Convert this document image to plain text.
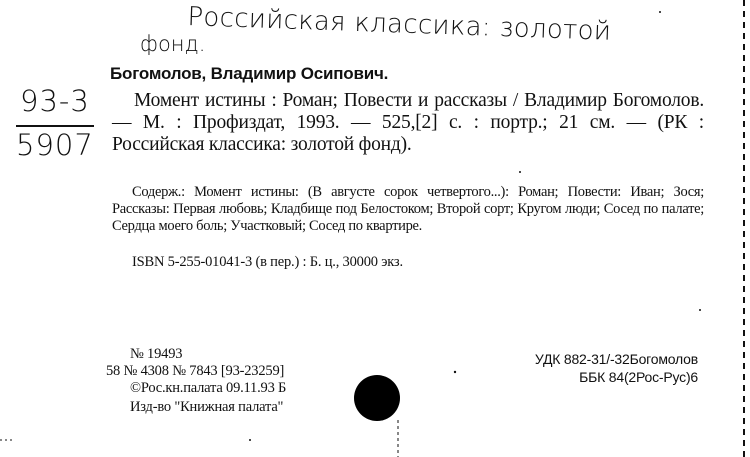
Российская классика: золотой
фонд.
93-3
5907
Богомолов, Владимир Осипович.
Момент истины : Роман; Повести и рассказы / Владимир Богомолов. — М. : Профиздат, 1993. — 525,[2] с. : портр.; 21 см. — (РК : Российская классика: золотой фонд).
Содерж.: Момент истины: (В августе сорок четвертого...): Роман; Повести: Иван; Зося; Рассказы: Первая любовь; Кладбище под Белостоком; Второй сорт; Кругом люди; Сосед по палате; Сердца моего боль; Участковый; Сосед по квартире.
ISBN 5-255-01041-3 (в пер.) : Б. ц., 30000 экз.
№ 19493
58 № 4308 № 7843 [93-23259]
©Рос.кн.палата 09.11.93 Б
Изд-во "Книжная палата"
УДК 882-31/-32Богомолов
ББК 84(2Рос-Рус)6
